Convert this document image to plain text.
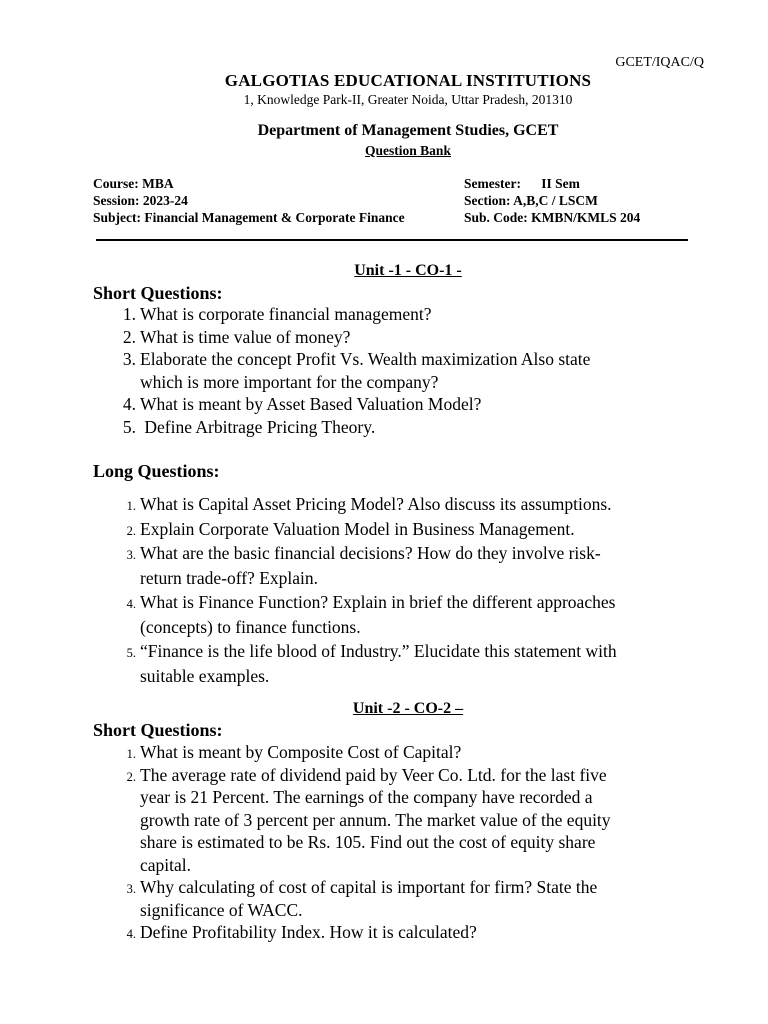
GCET/IQAC/Q
GALGOTIAS EDUCATIONAL INSTITUTIONS
1, Knowledge Park-II, Greater Noida, Uttar Pradesh, 201310
Department of Management Studies, GCET
Question Bank
Course: MBA
Session: 2023-24
Subject: Financial Management & Corporate Finance
Semester:      II Sem
Section: A,B,C / LSCM
Sub. Code: KMBN/KMLS 204
Unit -1 - CO-1 -
Short Questions:
1. What is corporate financial management?
2. What is time value of money?
3. Elaborate the concept Profit Vs. Wealth maximization Also state
which is more important for the company?
4. What is meant by Asset Based Valuation Model?
5. Define Arbitrage Pricing Theory.
Long Questions:
1. What is Capital Asset Pricing Model? Also discuss its assumptions.
2. Explain Corporate Valuation Model in Business Management.
3. What are the basic financial decisions? How do they involve risk-
return trade-off? Explain.
4. What is Finance Function? Explain in brief the different approaches
(concepts) to finance functions.
5. “Finance is the life blood of Industry.” Elucidate this statement with
suitable examples.
Unit -2 - CO-2 –
Short Questions:
1. What is meant by Composite Cost of Capital?
2. The average rate of dividend paid by Veer Co. Ltd. for the last five
year is 21 Percent. The earnings of the company have recorded a
growth rate of 3 percent per annum. The market value of the equity
share is estimated to be Rs. 105. Find out the cost of equity share
capital.
3. Why calculating of cost of capital is important for firm? State the
significance of WACC.
4. Define Profitability Index. How it is calculated?
